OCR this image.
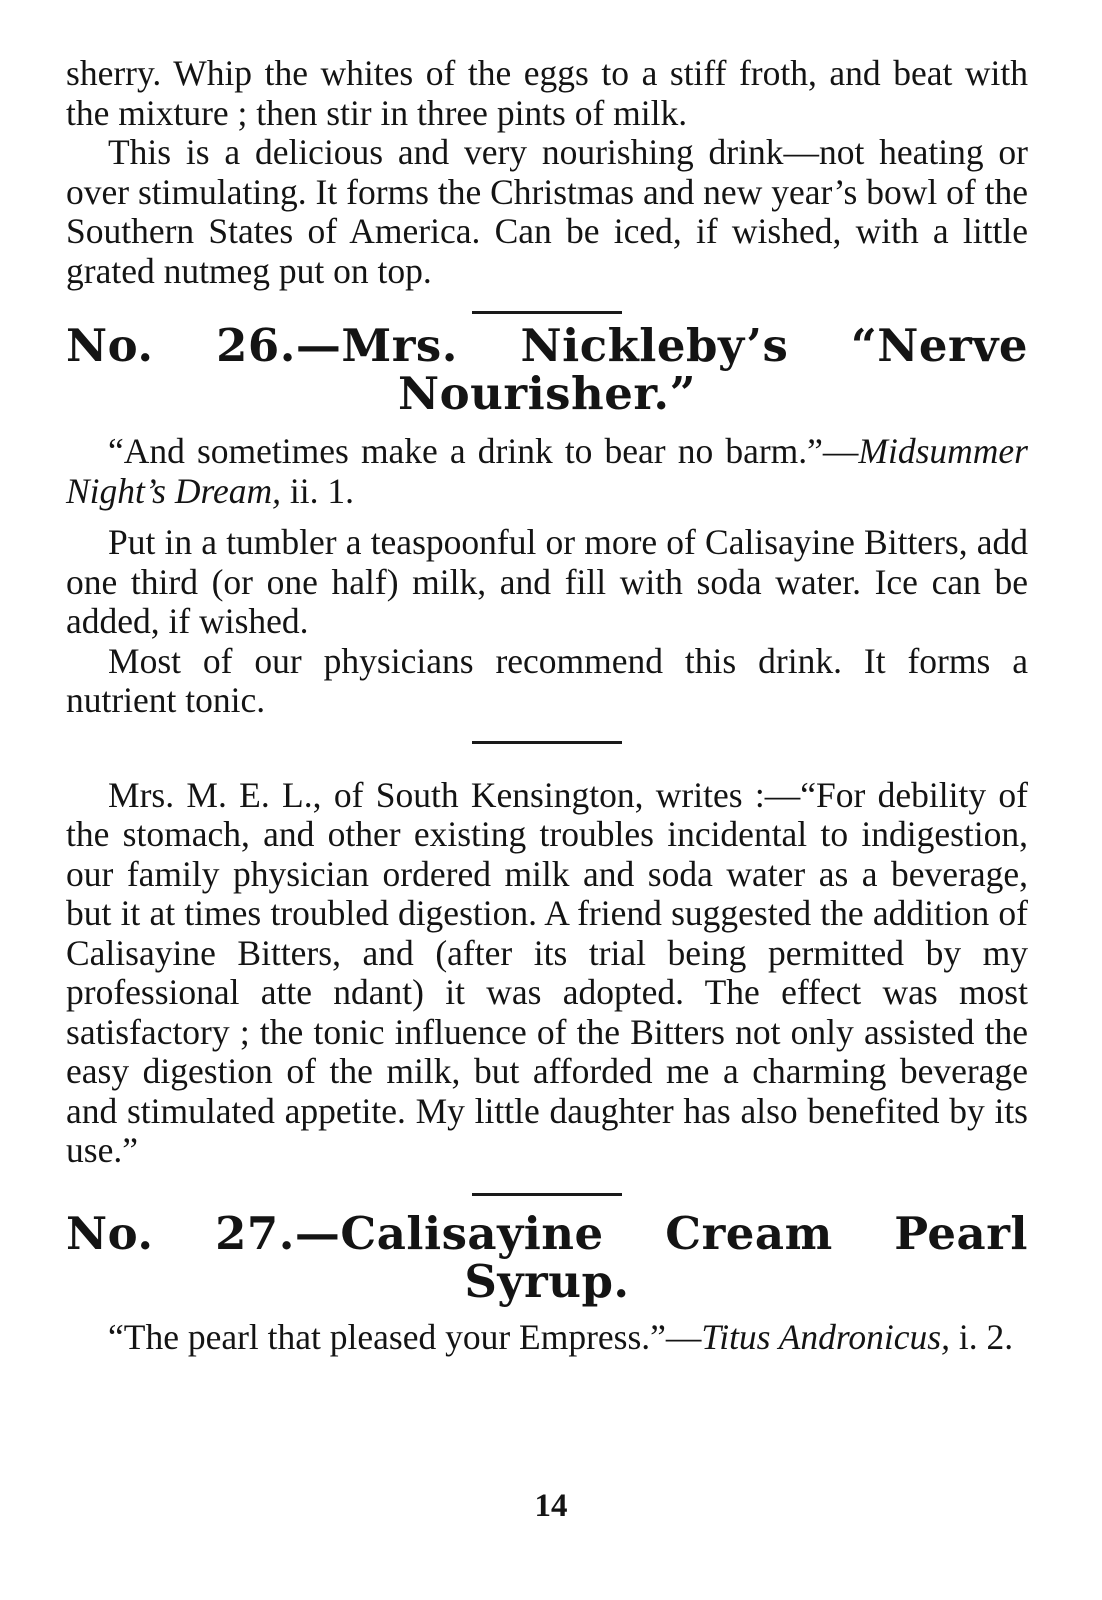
sherry. Whip the whites of the eggs to a stiff froth, and beat with the mixture ; then stir in three pints of milk.

This is a delicious and very nourishing drink—not heating or over stimulating. It forms the Christmas and new year’s bowl of the Southern States of America. Can be iced, if wished, with a little grated nutmeg put on top.

No. 26.—Mrs. Nickleby’s “Nerve
Nourisher.”

“And sometimes make a drink to bear no barm.”—Midsummer Night’s Dream, ii. 1.

Put in a tumbler a teaspoonful or more of Calisayine Bitters, add one third (or one half) milk, and fill with soda water. Ice can be added, if wished.

Most of our physicians recommend this drink. It forms a nutrient tonic.

Mrs. M. E. L., of South Kensington, writes :—“For debility of the stomach, and other existing troubles incidental to indigestion, our family physician ordered milk and soda water as a beverage, but it at times troubled digestion. A friend suggested the addition of Calisayine Bitters, and (after its trial being permitted by my professional atte ndant) it was adopted. The effect was most satisfactory ; the tonic influence of the Bitters not only assisted the easy digestion of the milk, but afforded me a charming beverage and stimulated appetite. My little daughter has also benefited by its use.”

No. 27.—Calisayine Cream Pearl
Syrup.

“The pearl that pleased your Empress.”—Titus Andronicus, i. 2.

14
